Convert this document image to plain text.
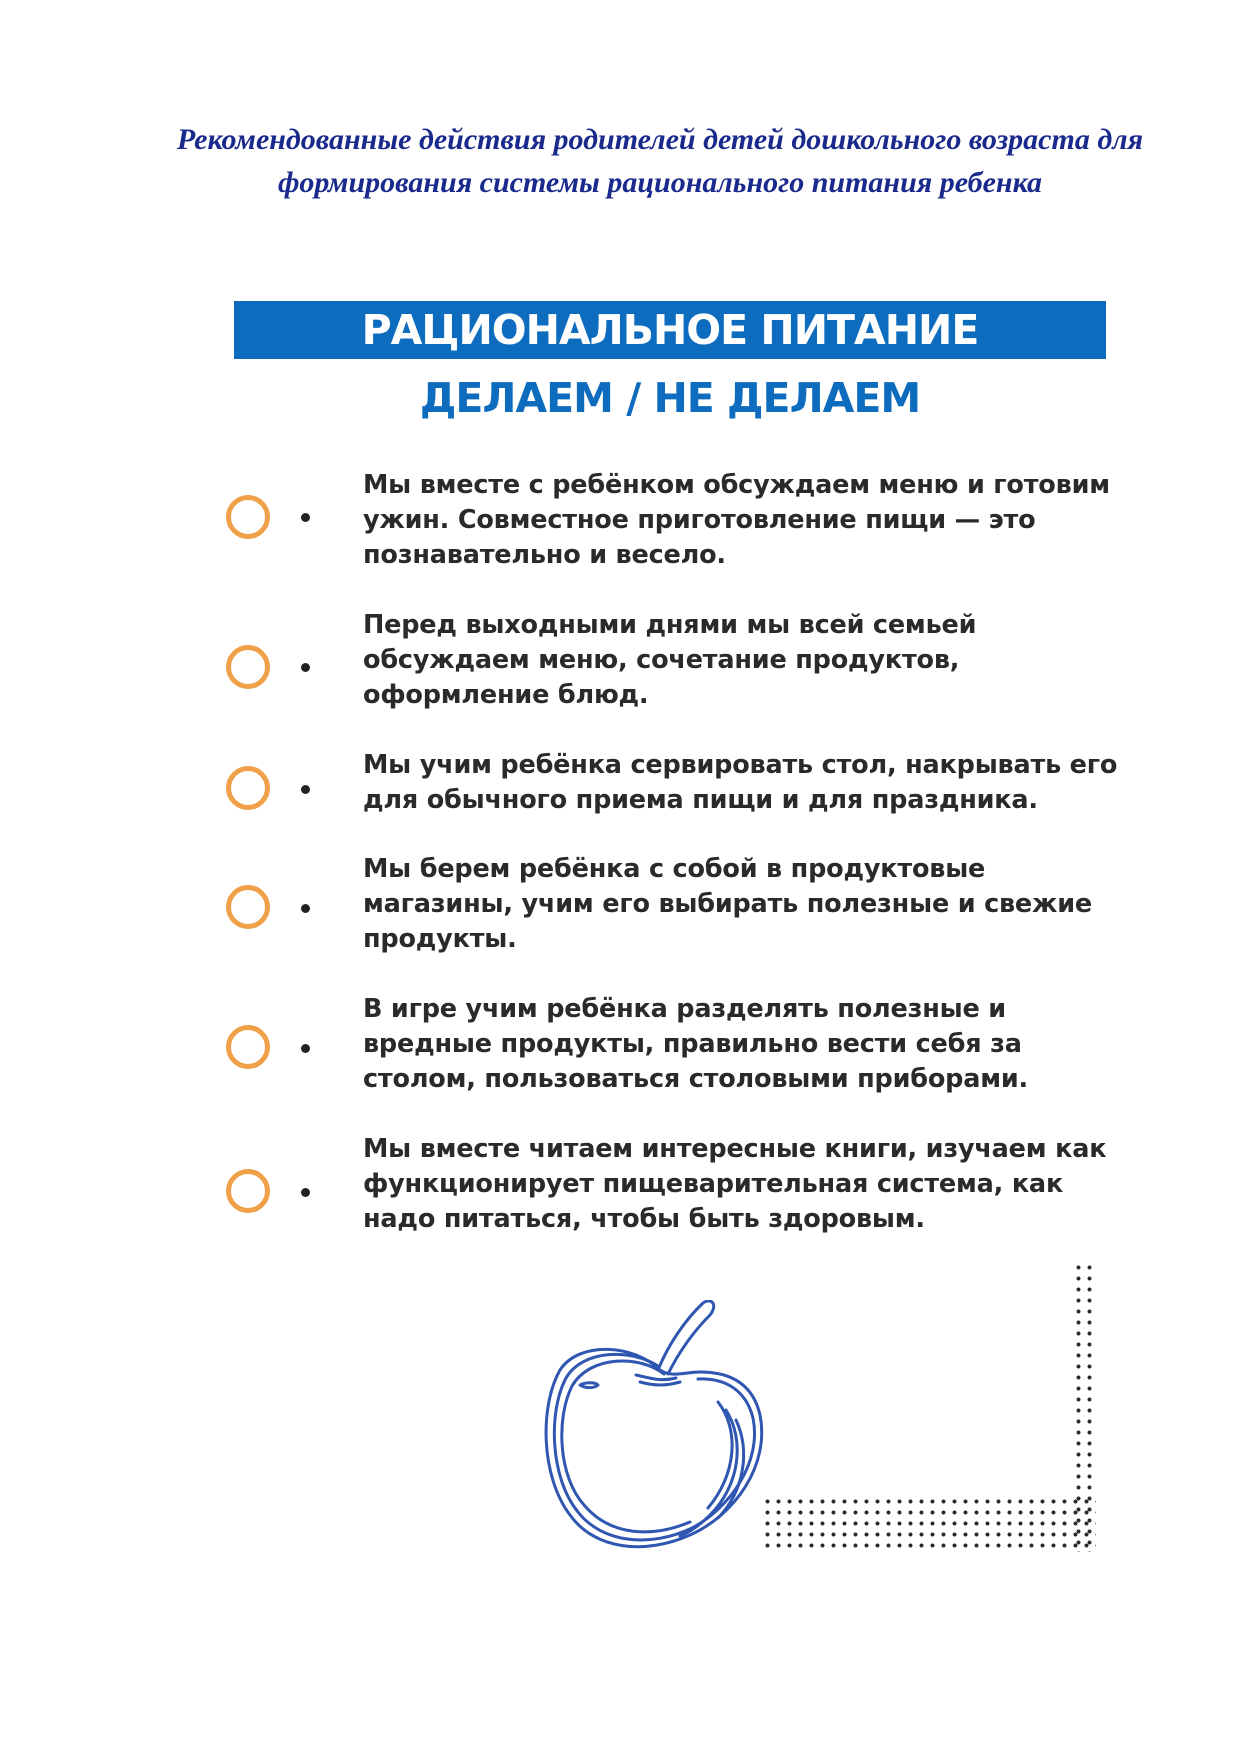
Рекомендованные действия родителей детей дошкольного возраста для формирования системы рационального питания ребенка
РАЦИОНАЛЬНОЕ ПИТАНИЕ
ДЕЛАЕМ / НЕ ДЕЛАЕМ
Мы вместе с ребёнком обсуждаем меню и готовим ужин. Совместное приготовление пищи — это познавательно и весело.
Перед выходными днями мы всей семьей обсуждаем меню, сочетание продуктов, оформление блюд.
Мы учим ребёнка сервировать стол, накрывать его для обычного приема пищи и для праздника.
Мы берем ребёнка с собой в продуктовые магазины, учим его выбирать полезные и свежие продукты.
В игре учим ребёнка разделять полезные и вредные продукты, правильно вести себя за столом, пользоваться столовыми приборами.
Мы вместе читаем интересные книги, изучаем как функционирует пищеварительная система, как надо питаться, чтобы быть здоровым.
